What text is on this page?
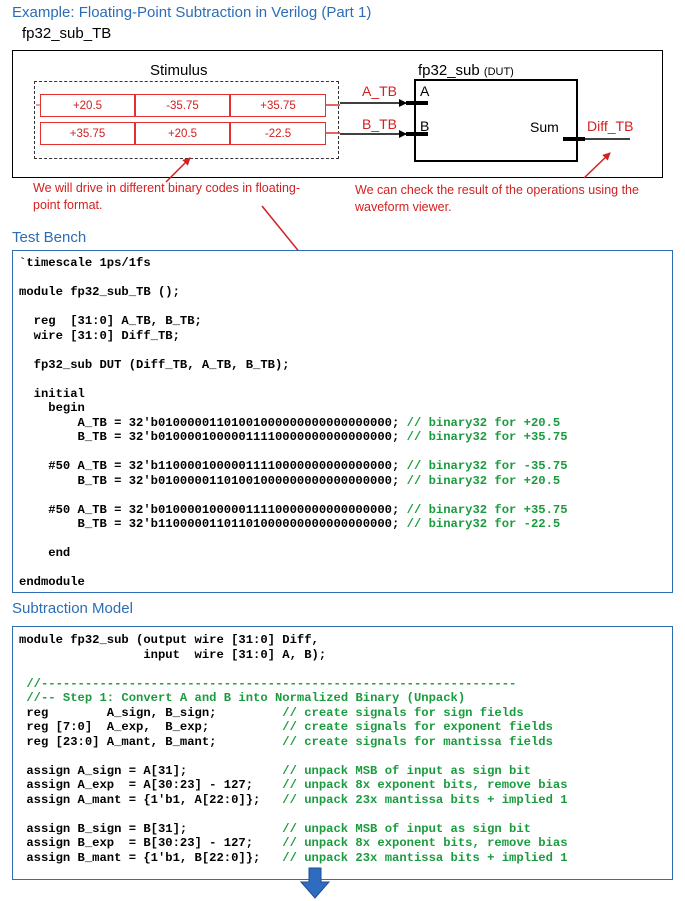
Example: Floating-Point Subtraction in Verilog (Part 1)
fp32_sub_TB
Stimulus
+20.5	-35.75	+35.75
+35.75	+20.5	-22.5
fp32_sub (DUT)
A
B	Sum
A_TB
B_TB	Diff_TB
We will drive in different binary codes in floating-point format.
We can check the result of the operations using the waveform viewer.
Test Bench
`timescale 1ps/1fs
module fp32_sub_TB ();
reg  [31:0] A_TB, B_TB;
wire [31:0] Diff_TB;
fp32_sub DUT (Diff_TB, A_TB, B_TB);
initial
begin
A_TB = 32'b01000001101001000000000000000000; // binary32 for +20.5
B_TB = 32'b01000010000011110000000000000000; // binary32 for +35.75
#50 A_TB = 32'b11000010000011110000000000000000; // binary32 for -35.75
B_TB = 32'b01000001101001000000000000000000; // binary32 for +20.5
#50 A_TB = 32'b01000010000011110000000000000000; // binary32 for +35.75
B_TB = 32'b11000001101101000000000000000000; // binary32 for -22.5
end
endmodule
Subtraction Model
module fp32_sub (output wire [31:0] Diff,
input  wire [31:0] A, B);
//-----------------------------------------------------------------
//-- Step 1: Convert A and B into Normalized Binary (Unpack)
reg        A_sign, B_sign;         // create signals for sign fields
reg [7:0]  A_exp,  B_exp;          // create signals for exponent fields
reg [23:0] A_mant, B_mant;         // create signals for mantissa fields
assign A_sign = A[31];             // unpack MSB of input as sign bit
assign A_exp  = A[30:23] - 127;    // unpack 8x exponent bits, remove bias
assign A_mant = {1'b1, A[22:0]};   // unpack 23x mantissa bits + implied 1
assign B_sign = B[31];             // unpack MSB of input as sign bit
assign B_exp  = B[30:23] - 127;    // unpack 8x exponent bits, remove bias
assign B_mant = {1'b1, B[22:0]};   // unpack 23x mantissa bits + implied 1
